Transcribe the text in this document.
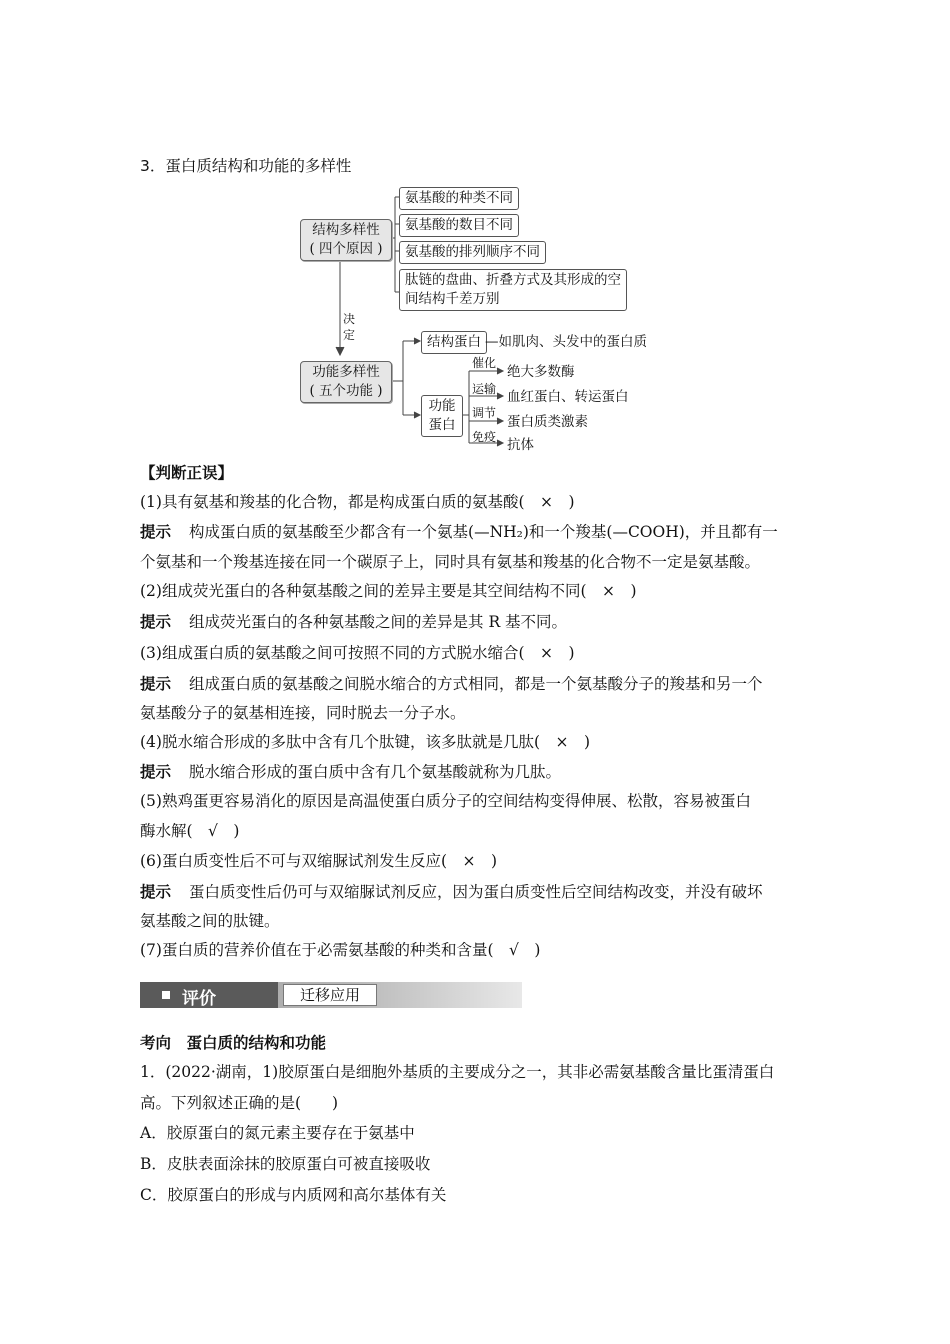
3．蛋白质结构和功能的多样性
结构多样性
( 四个原因 )
氨基酸的种类不同
氨基酸的数目不同
氨基酸的排列顺序不同
肽链的盘曲、折叠方式及其形成的空
间结构千差万别
决
定
功能多样性
( 五个功能 )
结构蛋白 —如肌肉、头发中的蛋白质
功能
蛋白
催化
绝大多数酶
运输 血红蛋白、转运蛋白
调节
蛋白质类激素
免疫 抗体
【判断正误】
(1)具有氨基和羧基的化合物，都是构成蛋白质的氨基酸(　×　)
提示 构成蛋白质的氨基酸至少都含有一个氨基(—NH₂)和一个羧基(—COOH)，并且都有一
个氨基和一个羧基连接在同一个碳原子上，同时具有氨基和羧基的化合物不一定是氨基酸。
(2)组成荧光蛋白的各种氨基酸之间的差异主要是其空间结构不同(　×　)
提示 组成荧光蛋白的各种氨基酸之间的差异是其 R 基不同。
(3)组成蛋白质的氨基酸之间可按照不同的方式脱水缩合(　×　)
提示 组成蛋白质的氨基酸之间脱水缩合的方式相同，都是一个氨基酸分子的羧基和另一个
氨基酸分子的氨基相连接，同时脱去一分子水。
(4)脱水缩合形成的多肽中含有几个肽键，该多肽就是几肽(　×　)
提示 脱水缩合形成的蛋白质中含有几个氨基酸就称为几肽。
(5)熟鸡蛋更容易消化的原因是高温使蛋白质分子的空间结构变得伸展、松散，容易被蛋白
酶水解(　√　)
(6)蛋白质变性后不可与双缩脲试剂发生反应(　×　)
提示 蛋白质变性后仍可与双缩脲试剂反应，因为蛋白质变性后空间结构改变，并没有破坏
氨基酸之间的肽键。
(7)蛋白质的营养价值在于必需氨基酸的种类和含量(　√　)
评价	迁移应用
考向　蛋白质的结构和功能
1．(2022·湖南，1)胶原蛋白是细胞外基质的主要成分之一，其非必需氨基酸含量比蛋清蛋白
高。下列叙述正确的是(　　)
A．胶原蛋白的氮元素主要存在于氨基中
B．皮肤表面涂抹的胶原蛋白可被直接吸收
C．胶原蛋白的形成与内质网和高尔基体有关
